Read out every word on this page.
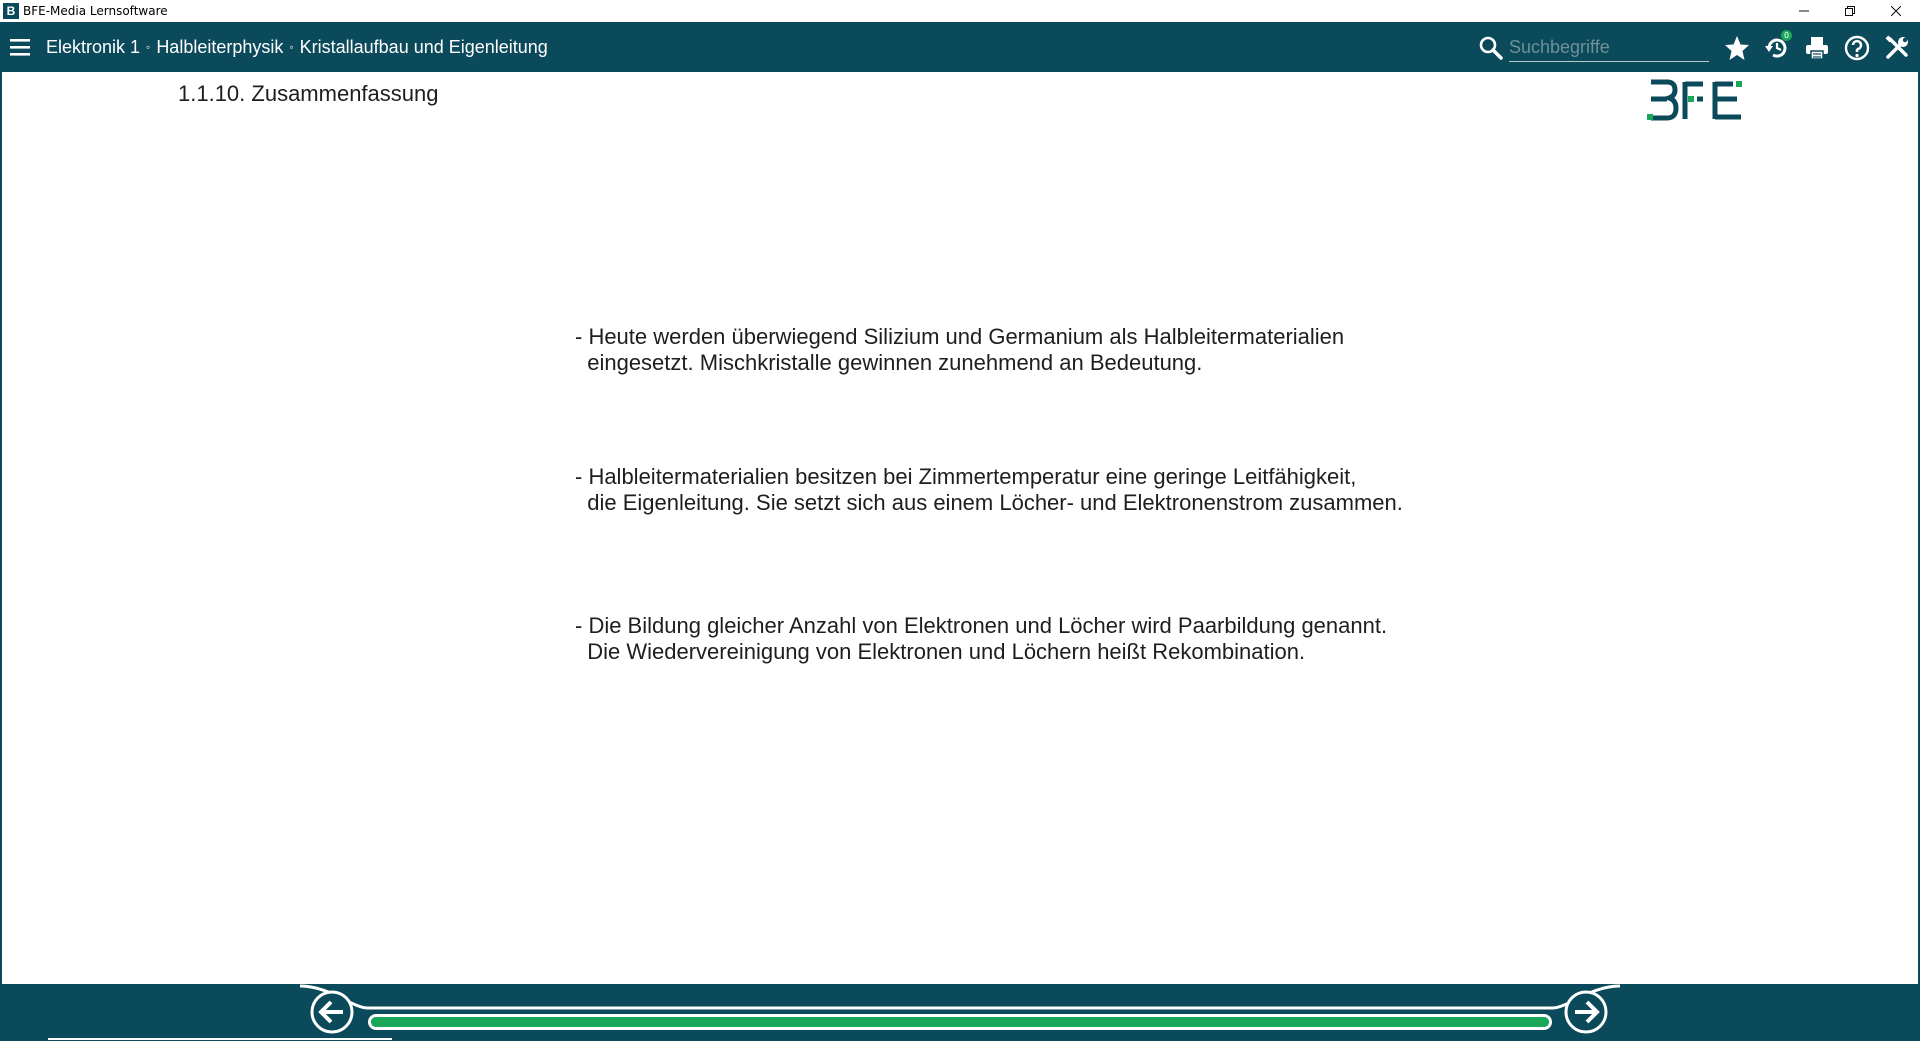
B BFE-Media Lernsoftware
Elektronik 1 ◦ Halbleiterphysik ◦ Kristallaufbau und Eigenleitung
Suchbegriffe
0
1.1.10. Zusammenfassung
- Heute werden überwiegend Silizium und Germanium als Halbleitermaterialien
eingesetzt. Mischkristalle gewinnen zunehmend an Bedeutung.
- Halbleitermaterialien besitzen bei Zimmertemperatur eine geringe Leitfähigkeit,
die Eigenleitung. Sie setzt sich aus einem Löcher- und Elektronenstrom zusammen.
- Die Bildung gleicher Anzahl von Elektronen und Löcher wird Paarbildung genannt.
Die Wiedervereinigung von Elektronen und Löchern heißt Rekombination.
